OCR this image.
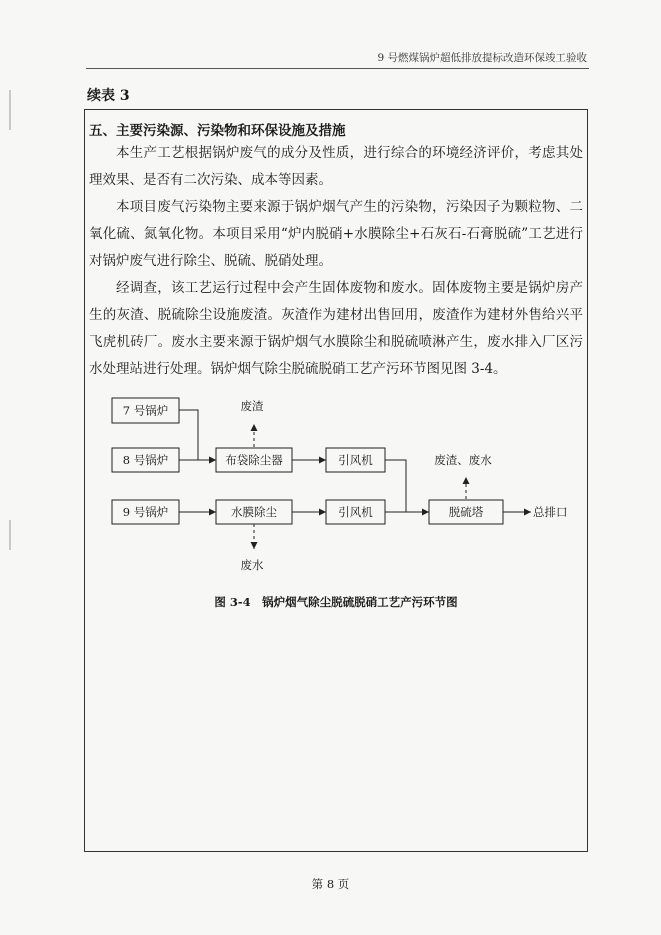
9 号燃煤锅炉超低排放提标改造环保竣工验收
续表 3
五、主要污染源、污染物和环保设施及措施

本生产工艺根据锅炉废气的成分及性质，进行综合的环境经济评价，考虑其处理效果、是否有二次污染、成本等因素。

本项目废气污染物主要来源于锅炉烟气产生的污染物，污染因子为颗粒物、二氧化硫、氮氧化物。本项目采用“炉内脱硝+水膜除尘+石灰石-石膏脱硫”工艺进行对锅炉废气进行除尘、脱硫、脱硝处理。

经调查，该工艺运行过程中会产生固体废物和废水。固体废物主要是锅炉房产生的灰渣、脱硫除尘设施废渣。灰渣作为建材出售回用，废渣作为建材外售给兴平飞虎机砖厂。废水主要来源于锅炉烟气水膜除尘和脱硫喷淋产生，废水排入厂区污水处理站进行处理。锅炉烟气除尘脱硫脱硝工艺产污环节图见图 3-4。

7 号锅炉
8 号锅炉
9 号锅炉
布袋除尘器
水膜除尘
引风机
引风机	脱硫塔
废渣
废水
废渣、废水
总排口
图 3-4　锅炉烟气除尘脱硫脱硝工艺产污环节图
第 8 页
